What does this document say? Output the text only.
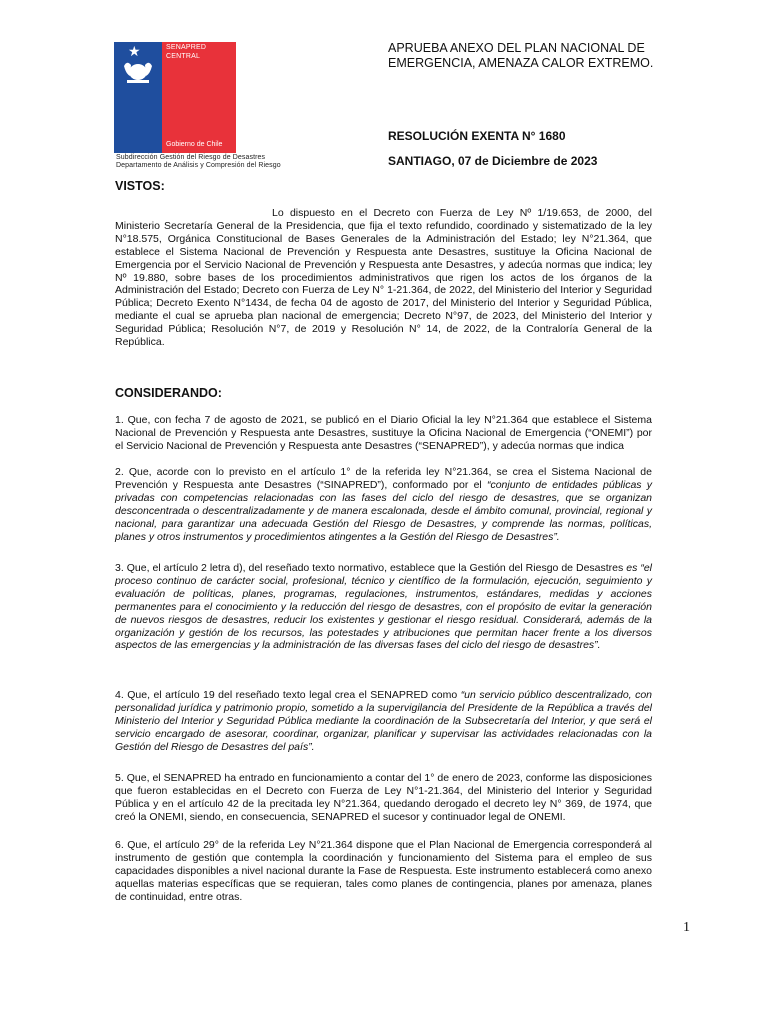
★	SENAPRED
CENTRAL
Gobierno de Chile
Subdirección Gestión del Riesgo de Desastres
Departamento de Análisis y Compresión del Riesgo
APRUEBA ANEXO DEL PLAN NACIONAL DE
EMERGENCIA, AMENAZA CALOR EXTREMO.
RESOLUCIÓN EXENTA N° 1680
SANTIAGO, 07 de Diciembre de 2023
VISTOS:
Lo dispuesto en el Decreto con Fuerza de Ley Nº 1/19.653, de 2000, del Ministerio Secretaría General de la Presidencia, que fija el texto refundido, coordinado y sistematizado de la ley N°18.575, Orgánica Constitucional de Bases Generales de la Administración del Estado; ley N°21.364, que establece el Sistema Nacional de Prevención y Respuesta ante Desastres, sustituye la Oficina Nacional de Emergencia por el Servicio Nacional de Prevención y Respuesta ante Desastres, y adecúa normas que indica; ley Nº 19.880, sobre bases de los procedimientos administrativos que rigen los actos de los órganos de la Administración del Estado; Decreto con Fuerza de Ley N° 1-21.364, de 2022, del Ministerio del Interior y Seguridad Pública; Decreto Exento N°1434, de fecha 04 de agosto de 2017, del Ministerio del Interior y Seguridad Pública, mediante el cual se aprueba plan nacional de emergencia; Decreto N°97, de 2023, del Ministerio del Interior y Seguridad Pública; Resolución N°7, de 2019 y Resolución N° 14, de 2022, de la Contraloría General de la República.
CONSIDERANDO:
1. Que, con fecha 7 de agosto de 2021, se publicó en el Diario Oficial la ley N°21.364 que establece el Sistema Nacional de Prevención y Respuesta ante Desastres, sustituye la Oficina Nacional de Emergencia (“ONEMI”) por el Servicio Nacional de Prevención y Respuesta ante Desastres (“SENAPRED”), y adecúa normas que indica
2. Que, acorde con lo previsto en el artículo 1° de la referida ley N°21.364, se crea el Sistema Nacional de Prevención y Respuesta ante Desastres (“SINAPRED”), conformado por el “conjunto de entidades públicas y privadas con competencias relacionadas con las fases del ciclo del riesgo de desastres, que se organizan desconcentrada o descentralizadamente y de manera escalonada, desde el ámbito comunal, provincial, regional y nacional, para garantizar una adecuada Gestión del Riesgo de Desastres, y comprende las normas, políticas, planes y otros instrumentos y procedimientos atingentes a la Gestión del Riesgo de Desastres”.
3. Que, el artículo 2 letra d), del reseñado texto normativo, establece que la Gestión del Riesgo de Desastres es “el proceso continuo de carácter social, profesional, técnico y científico de la formulación, ejecución, seguimiento y evaluación de políticas, planes, programas, regulaciones, instrumentos, estándares, medidas y acciones permanentes para el conocimiento y la reducción del riesgo de desastres, con el propósito de evitar la generación de nuevos riesgos de desastres, reducir los existentes y gestionar el riesgo residual. Considerará, además de la organización y gestión de los recursos, las potestades y atribuciones que permitan hacer frente a los diversos aspectos de las emergencias y la administración de las diversas fases del ciclo del riesgo de desastres”.
4. Que, el artículo 19 del reseñado texto legal crea el SENAPRED como “un servicio público descentralizado, con personalidad jurídica y patrimonio propio, sometido a la supervigilancia del Presidente de la República a través del Ministerio del Interior y Seguridad Pública mediante la coordinación de la Subsecretaría del Interior, y que será el servicio encargado de asesorar, coordinar, organizar, planificar y supervisar las actividades relacionadas con la Gestión del Riesgo de Desastres del país”.
5. Que, el SENAPRED ha entrado en funcionamiento a contar del 1° de enero de 2023, conforme las disposiciones que fueron establecidas en el Decreto con Fuerza de Ley N°1-21.364, del Ministerio del Interior y Seguridad Pública y en el artículo 42 de la precitada ley N°21.364, quedando derogado el decreto ley N° 369, de 1974, que creó la ONEMI, siendo, en consecuencia, SENAPRED el sucesor y continuador legal de ONEMI.
6. Que, el artículo 29° de la referida Ley N°21.364 dispone que el Plan Nacional de Emergencia corresponderá al instrumento de gestión que contempla la coordinación y funcionamiento del Sistema para el empleo de sus capacidades disponibles a nivel nacional durante la Fase de Respuesta. Este instrumento establecerá como anexo aquellas materias específicas que se requieran, tales como planes de contingencia, planes por amenaza, planes de continuidad, entre otras.
1
